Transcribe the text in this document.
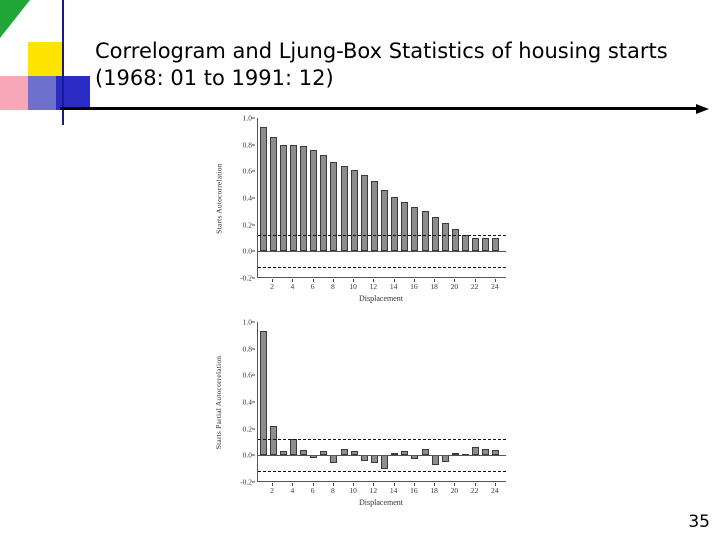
Correlogram and Ljung-Box Statistics of housing starts (1968: 01 to 1991: 12)
Starts Autocorrelation
-0.2
0.0
0.2
0.4
0.6
0.8
1.0
2 4 6 8 10 12 14 16 18 20 22 24
Displacement
Starts Partial Autocorrelation
-0.2
0.0
0.2
0.4
0.6
0.8
1.0
2 4 6 8 10 12 14 16 18 20 22 24
Displacement
35
